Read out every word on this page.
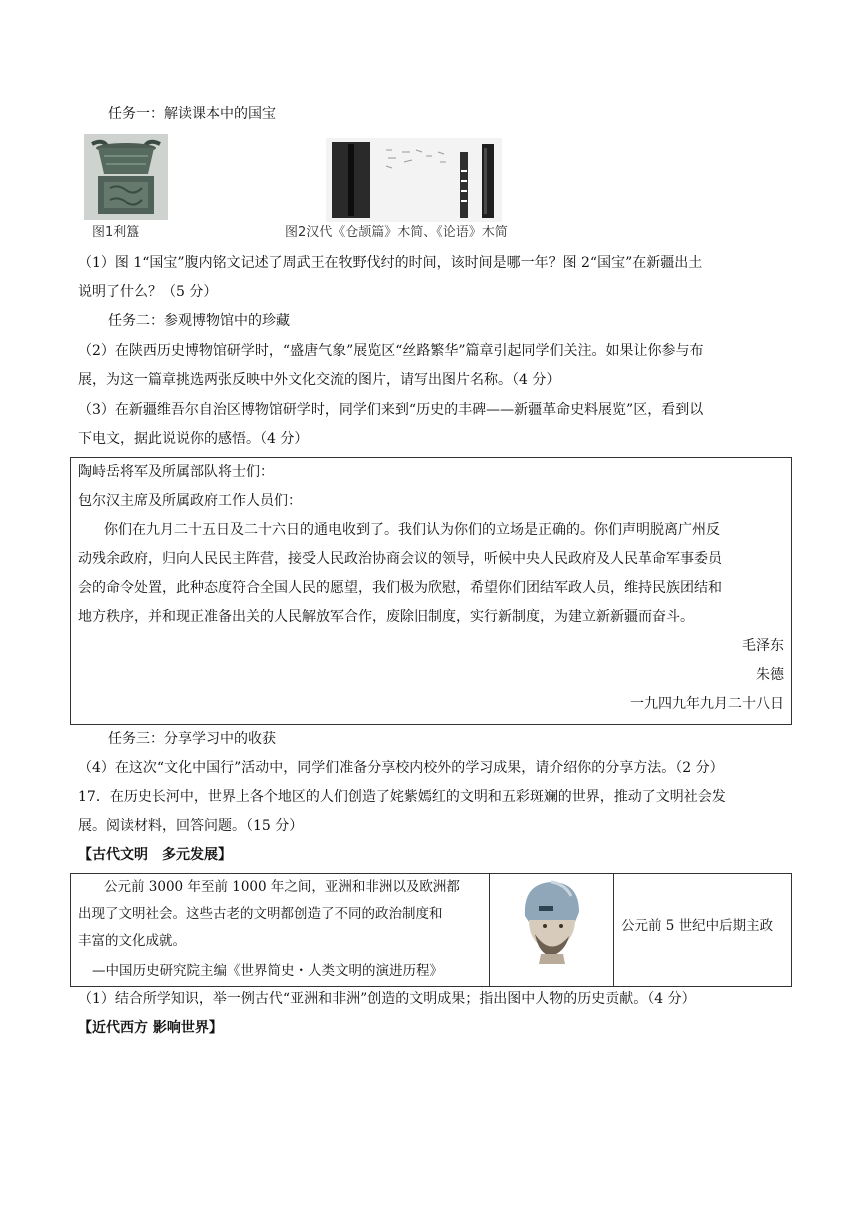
任务一：解读课本中的国宝
图1利簋	图2汉代《仓颉篇》木简、《论语》木简
（1）图 1“国宝”腹内铭文记述了周武王在牧野伐纣的时间，该时间是哪一年？图 2“国宝”在新疆出土
说明了什么？（5 分）
任务二：参观博物馆中的珍藏
（2）在陕西历史博物馆研学时，“盛唐气象”展览区“丝路繁华”篇章引起同学们关注。如果让你参与布
展，为这一篇章挑选两张反映中外文化交流的图片，请写出图片名称。（4 分）
（3）在新疆维吾尔自治区博物馆研学时，同学们来到“历史的丰碑——新疆革命史料展览”区，看到以
下电文，据此说说你的感悟。（4 分）
陶峙岳将军及所属部队将士们：
包尔汉主席及所属政府工作人员们：
你们在九月二十五日及二十六日的通电收到了。我们认为你们的立场是正确的。你们声明脱离广州反
动残余政府，归向人民民主阵营，接受人民政治协商会议的领导，听候中央人民政府及人民革命军事委员
会的命令处置，此种态度符合全国人民的愿望，我们极为欣慰，希望你们团结军政人员，维持民族团结和
地方秩序，并和现正准备出关的人民解放军合作，废除旧制度，实行新制度，为建立新新疆而奋斗。
毛泽东
朱德
一九四九年九月二十八日
任务三：分享学习中的收获
（4）在这次“文化中国行”活动中，同学们准备分享校内校外的学习成果，请介绍你的分享方法。（2 分）
17．在历史长河中，世界上各个地区的人们创造了姹紫嫣红的文明和五彩斑斓的世界，推动了文明社会发
展。阅读材料，回答问题。（15 分）
【古代文明　多元发展】
公元前 3000 年至前 1000 年之间，亚洲和非洲以及欧洲都
出现了文明社会。这些古老的文明都创造了不同的政治制度和
丰富的文化成就。
—中国历史研究院主编《世界简史・人类文明的演进历程》
公元前 5 世纪中后期主政
（1）结合所学知识，举一例古代“亚洲和非洲”创造的文明成果；指出图中人物的历史贡献。（4 分）
【近代西方 影响世界】
